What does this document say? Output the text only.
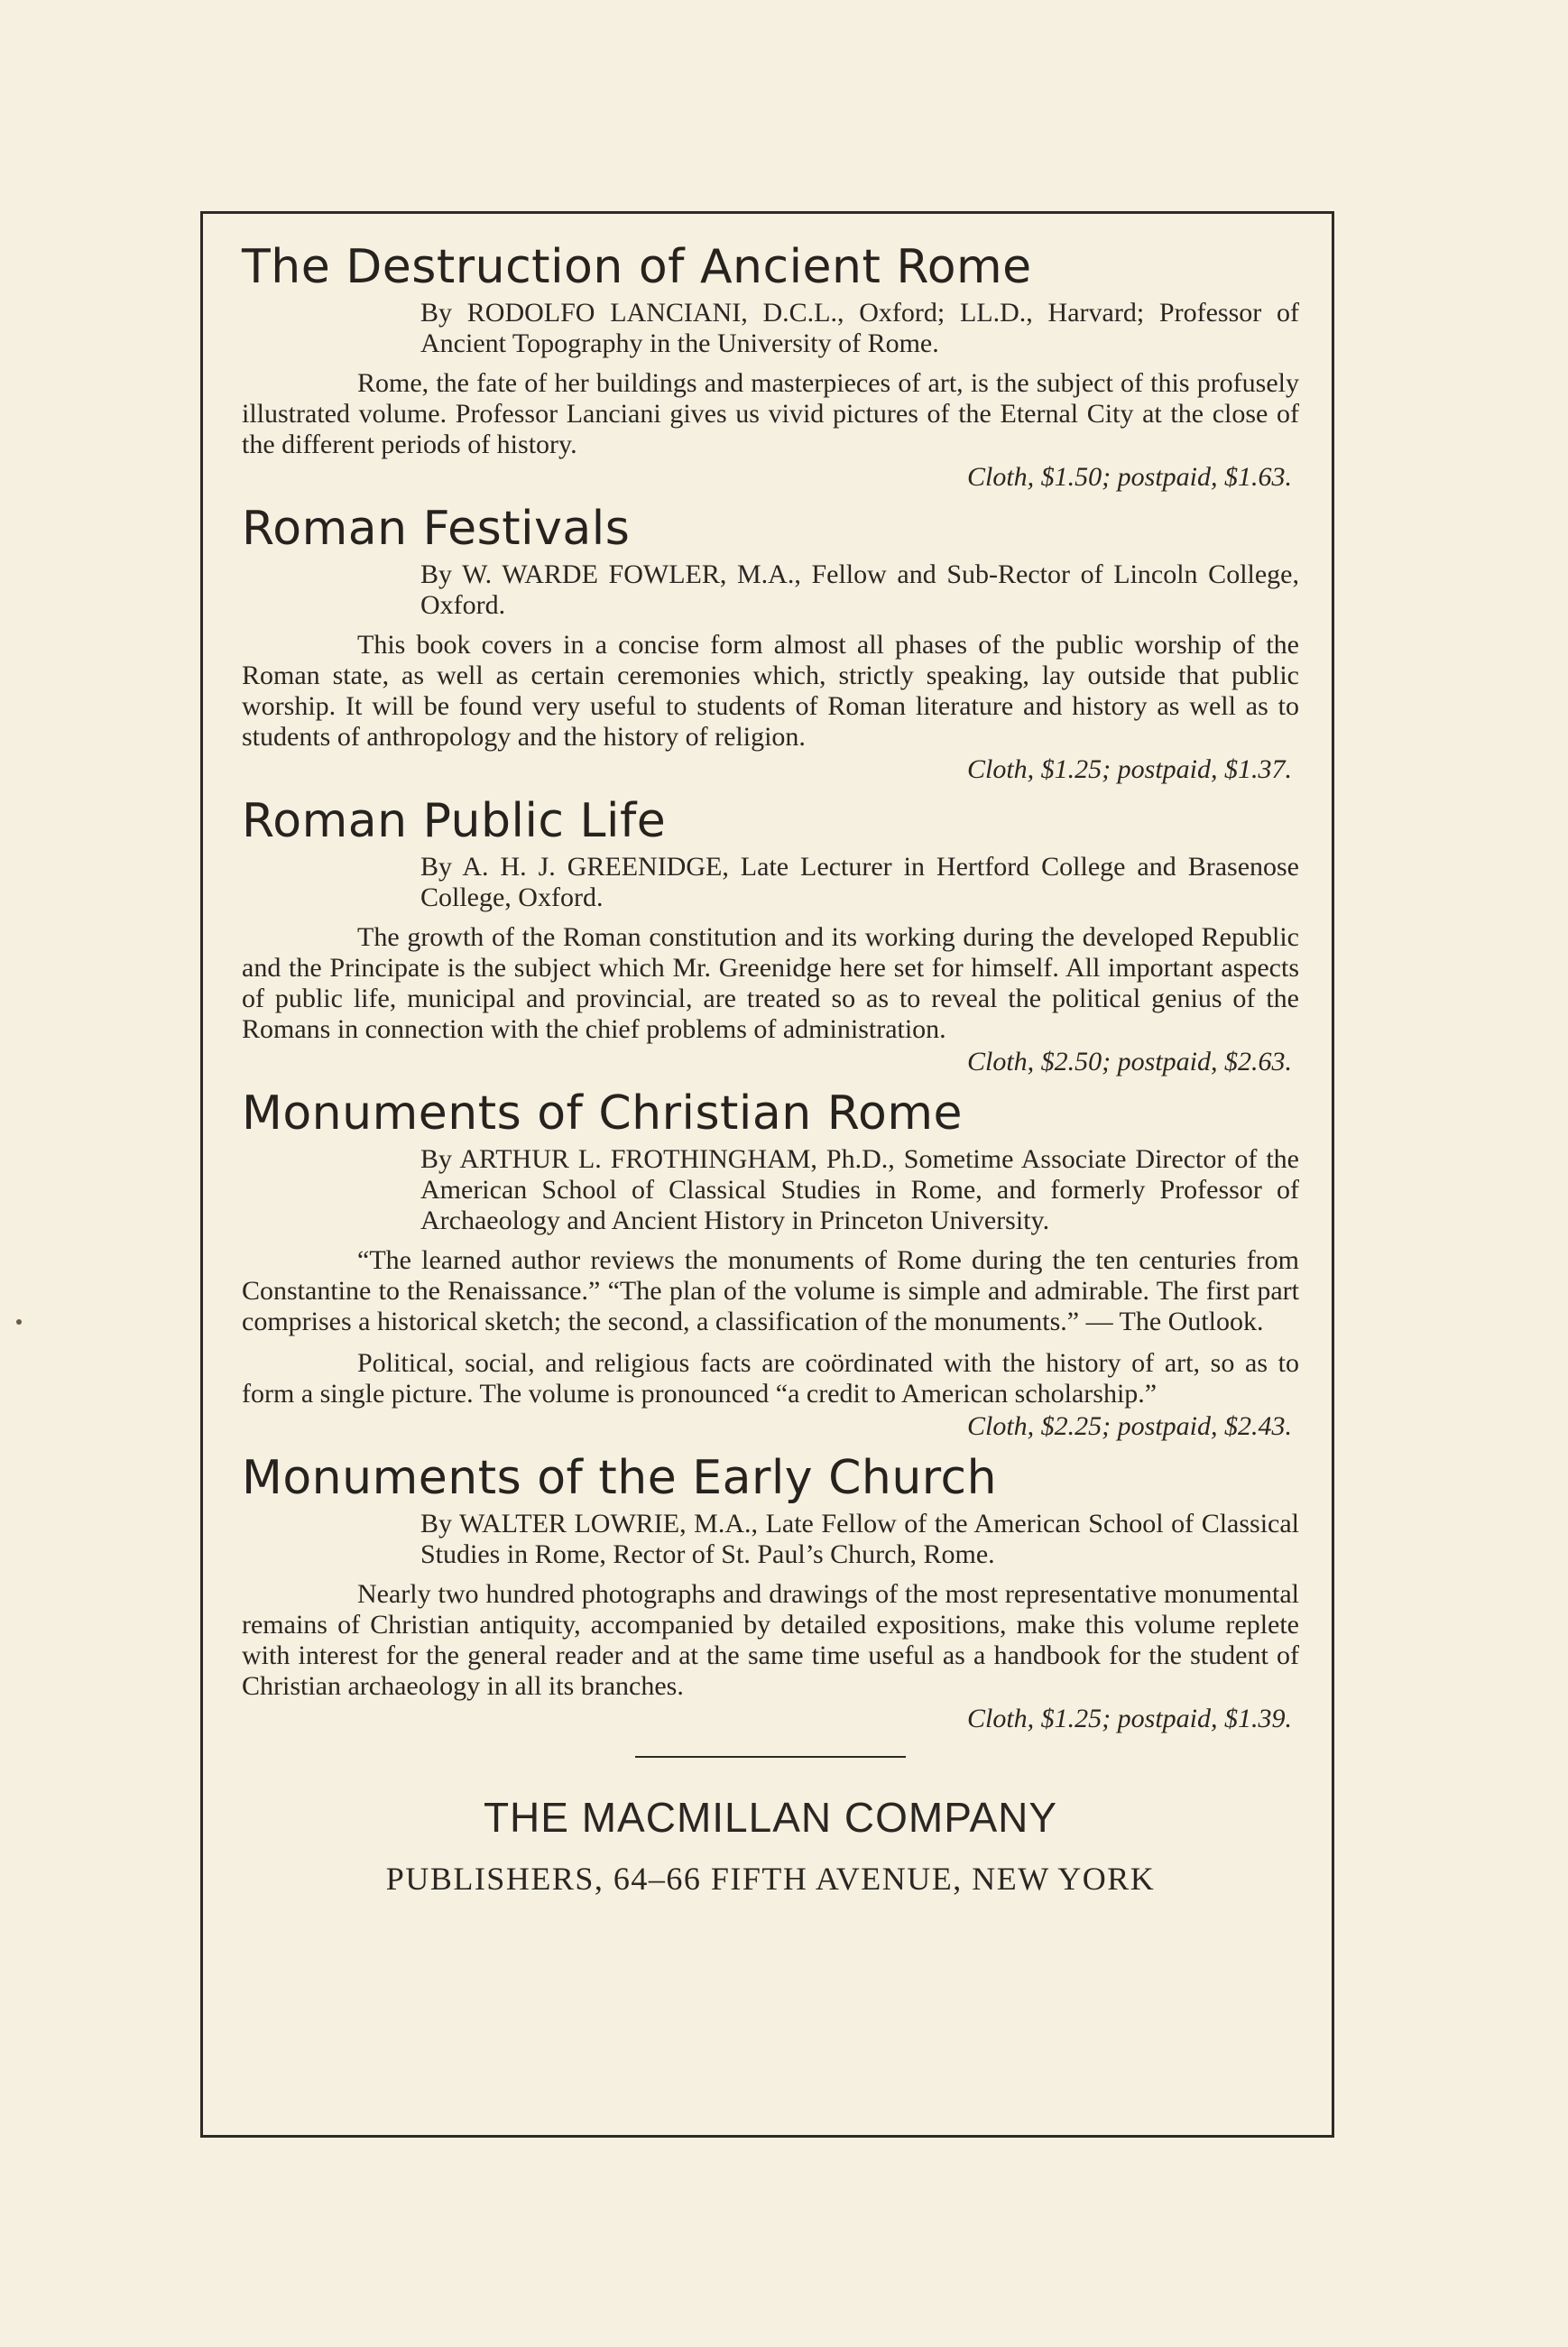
The Destruction of Ancient Rome

By RODOLFO LANCIANI, D.C.L., Oxford; LL.D., Harvard; Professor of Ancient Topography in the University of Rome.

Rome, the fate of her buildings and masterpieces of art, is the subject of this profusely illustrated volume. Professor Lanciani gives us vivid pictures of the Eternal City at the close of the different periods of history.

Cloth, $1.50; postpaid, $1.63.

Roman Festivals

By W. WARDE FOWLER, M.A., Fellow and Sub-Rector of Lincoln College, Oxford.

This book covers in a concise form almost all phases of the public worship of the Roman state, as well as certain ceremonies which, strictly speaking, lay outside that public worship. It will be found very useful to students of Roman literature and history as well as to students of anthropology and the history of religion.

Cloth, $1.25; postpaid, $1.37.

Roman Public Life

By A. H. J. GREENIDGE, Late Lecturer in Hertford College and Brasenose College, Oxford.

The growth of the Roman constitution and its working during the developed Republic and the Principate is the subject which Mr. Greenidge here set for himself. All important aspects of public life, municipal and provincial, are treated so as to reveal the political genius of the Romans in connection with the chief problems of administration.

Cloth, $2.50; postpaid, $2.63.

Monuments of Christian Rome

By ARTHUR L. FROTHINGHAM, Ph.D., Sometime Associate Director of the American School of Classical Studies in Rome, and formerly Professor of Archaeology and Ancient History in Princeton University.

“The learned author reviews the monuments of Rome during the ten centuries from Constantine to the Renaissance.” “The plan of the volume is simple and admirable. The first part comprises a historical sketch; the second, a classification of the monuments.” — The Outlook.

Political, social, and religious facts are coördinated with the history of art, so as to form a single picture. The volume is pronounced “a credit to American scholarship.”

Cloth, $2.25; postpaid, $2.43.

Monuments of the Early Church

By WALTER LOWRIE, M.A., Late Fellow of the American School of Classical Studies in Rome, Rector of St. Paul’s Church, Rome.

Nearly two hundred photographs and drawings of the most representative monumental remains of Christian antiquity, accompanied by detailed expositions, make this volume replete with interest for the general reader and at the same time useful as a handbook for the student of Christian archaeology in all its branches.

Cloth, $1.25; postpaid, $1.39.

THE MACMILLAN COMPANY
PUBLISHERS, 64–66 FIFTH AVENUE, NEW YORK
